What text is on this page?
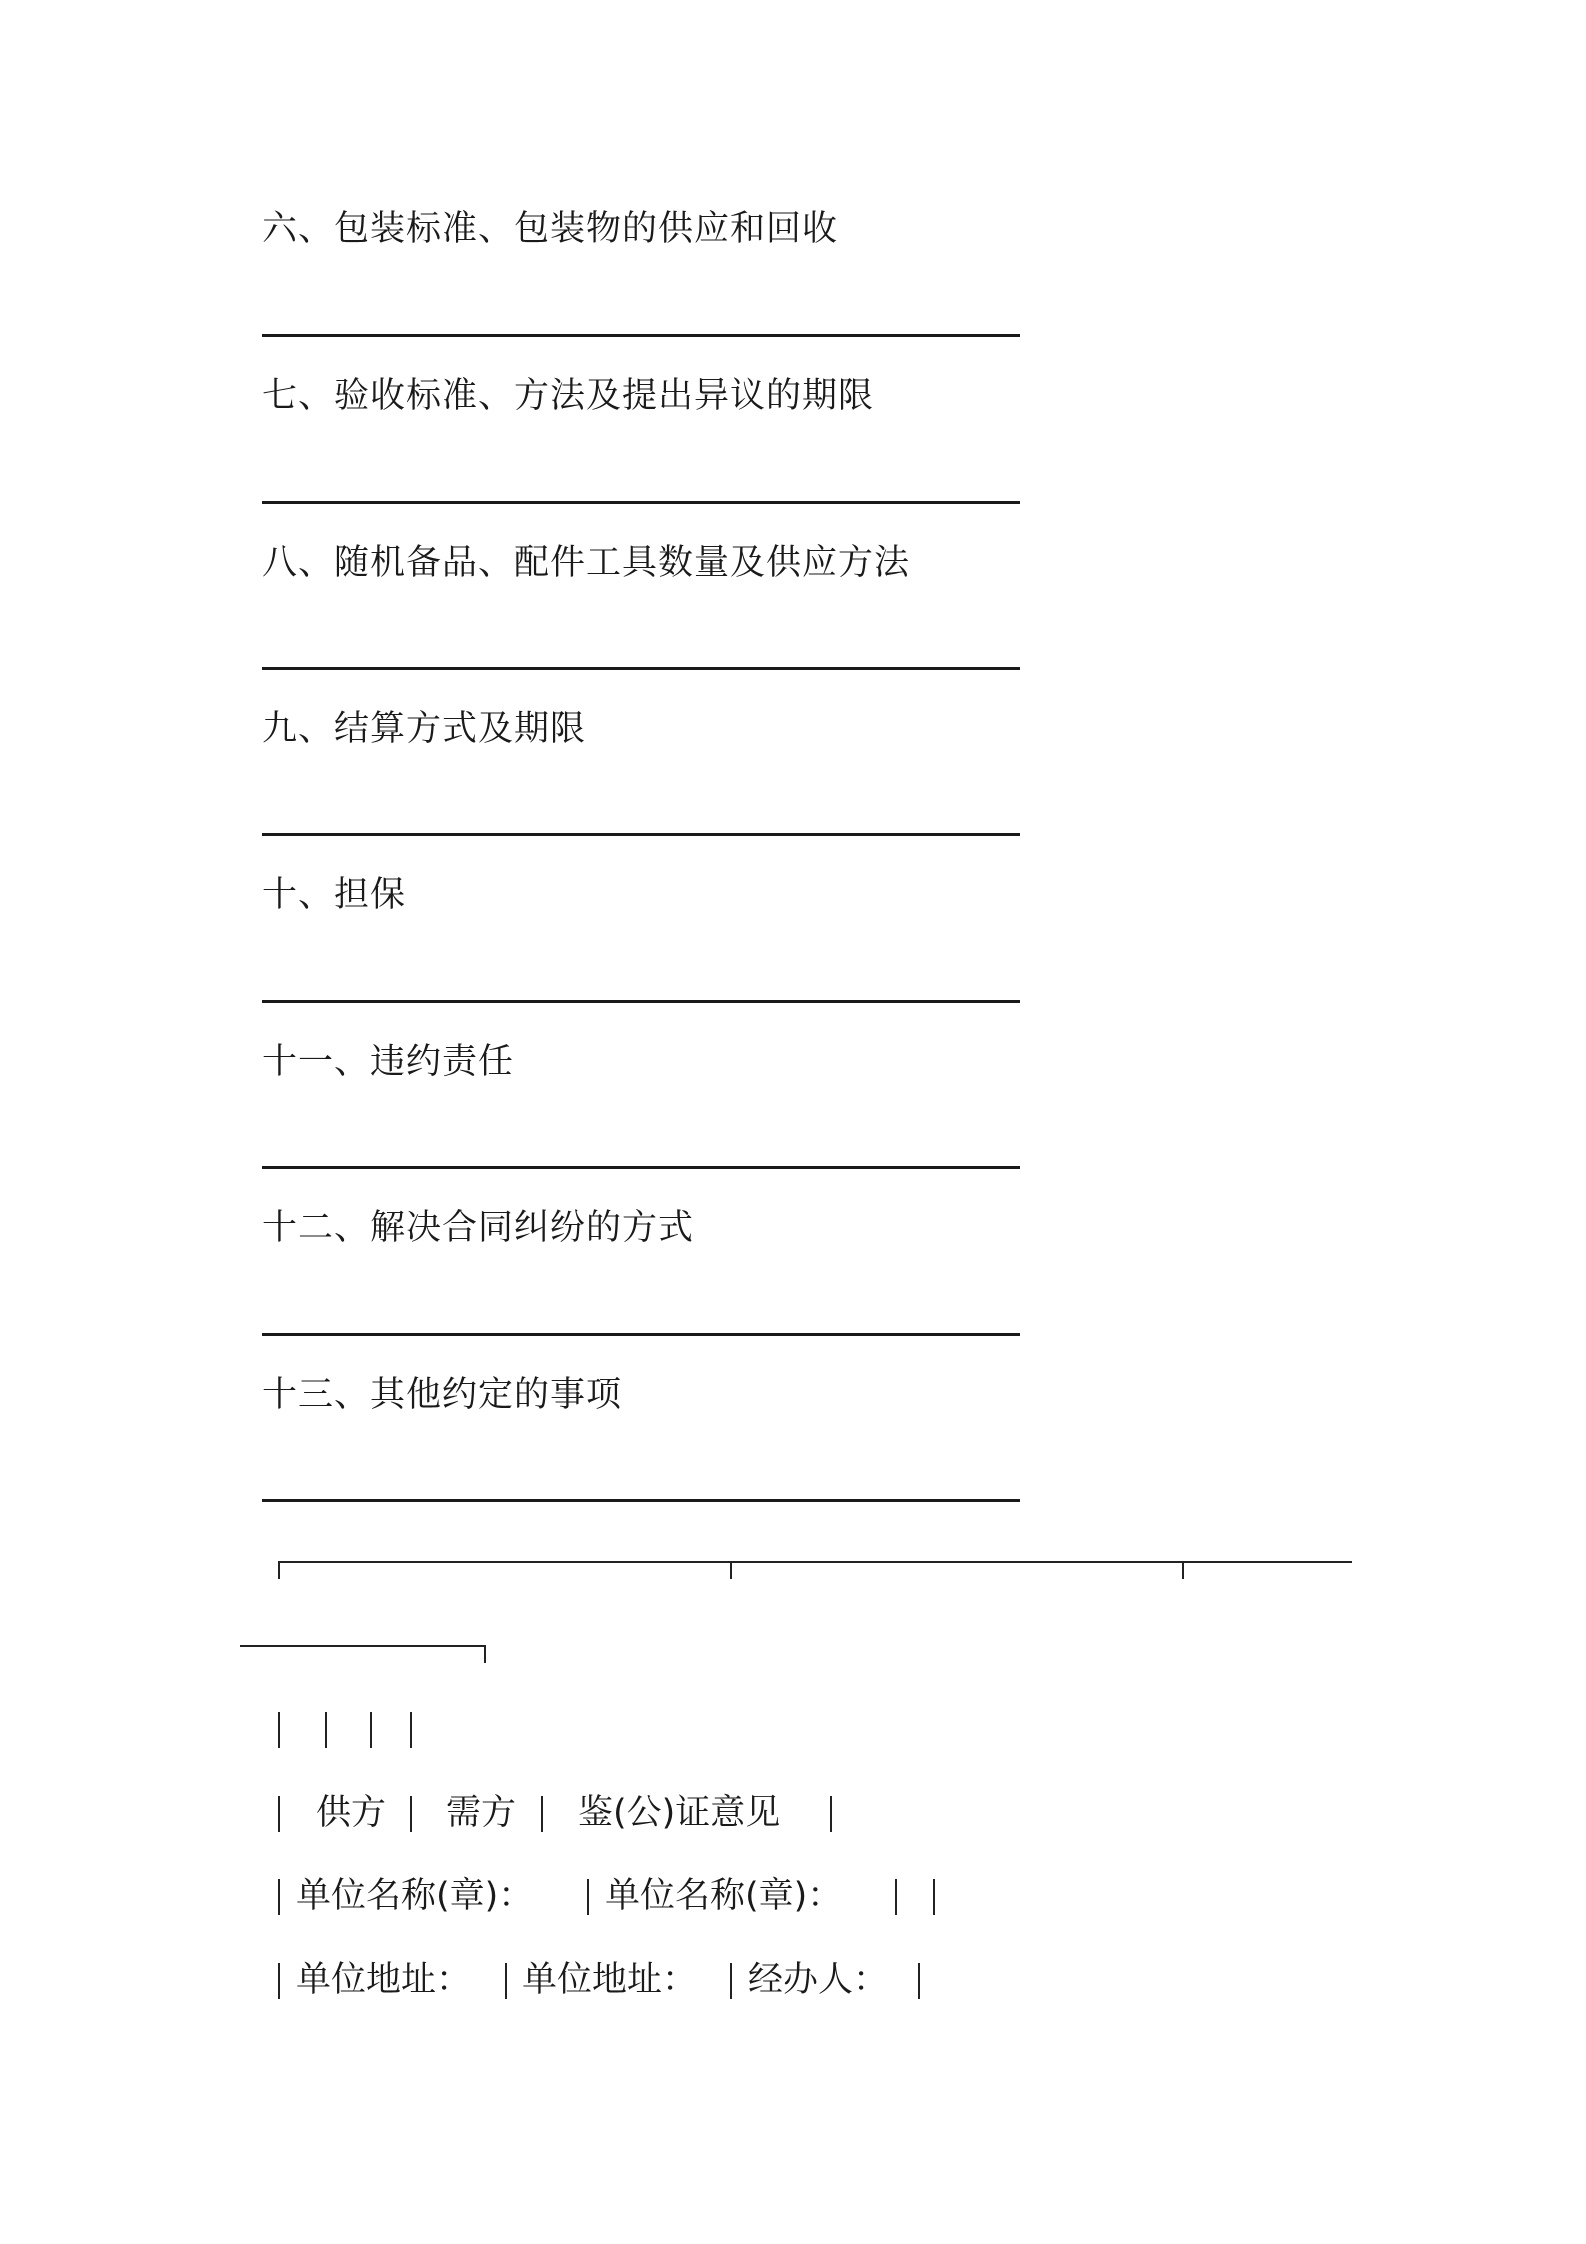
六、包装标准、包装物的供应和回收
七、验收标准、方法及提出异议的期限
八、随机备品、配件工具数量及供应方法
九、结算方式及期限
十、担保
十一、违约责任
十二、解决合同纠纷的方式
十三、其他约定的事项
供方 需方 鉴(公)证意见
单位名称(章)： 单位名称(章)：
单位地址： 单位地址： 经办人：
